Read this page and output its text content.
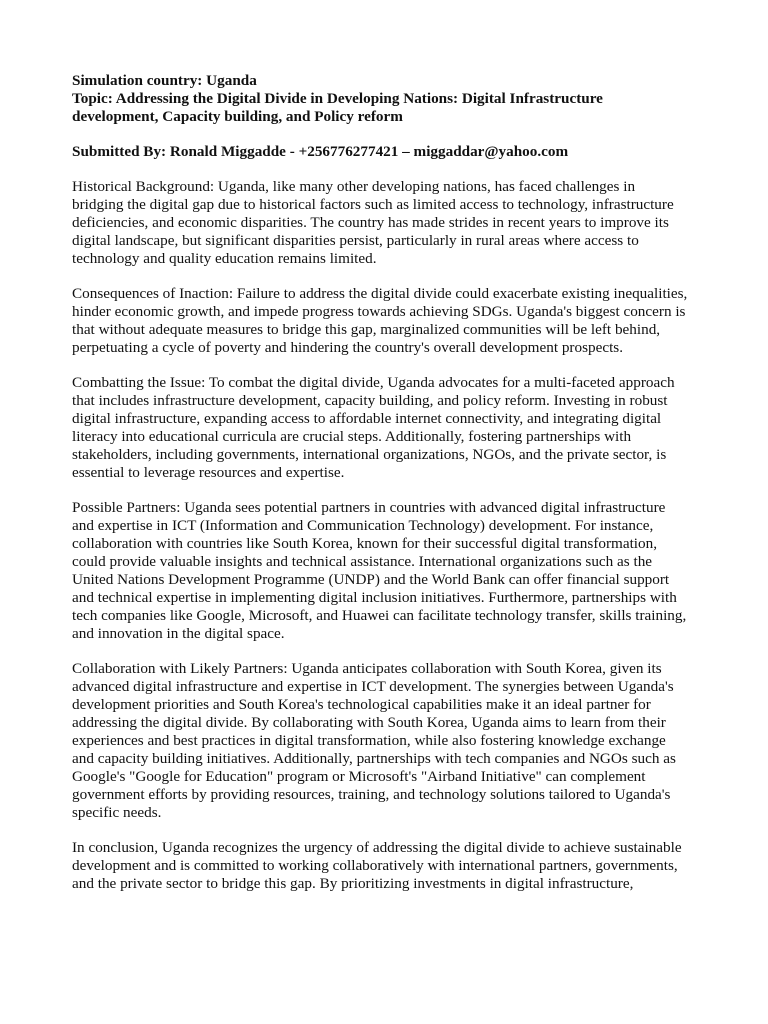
Simulation country: Uganda

Topic: Addressing the Digital Divide in Developing Nations: Digital Infrastructure development, Capacity building, and Policy reform

Submitted By: Ronald Miggadde - +256776277421 – miggaddar@yahoo.com

Historical Background: Uganda, like many other developing nations, has faced challenges in bridging the digital gap due to historical factors such as limited access to technology, infrastructure deficiencies, and economic disparities. The country has made strides in recent years to improve its digital landscape, but significant disparities persist, particularly in rural areas where access to technology and quality education remains limited.

Consequences of Inaction: Failure to address the digital divide could exacerbate existing inequalities, hinder economic growth, and impede progress towards achieving SDGs. Uganda's biggest concern is that without adequate measures to bridge this gap, marginalized communities will be left behind, perpetuating a cycle of poverty and hindering the country's overall development prospects.

Combatting the Issue: To combat the digital divide, Uganda advocates for a multi-faceted approach that includes infrastructure development, capacity building, and policy reform. Investing in robust digital infrastructure, expanding access to affordable internet connectivity, and integrating digital literacy into educational curricula are crucial steps. Additionally, fostering partnerships with stakeholders, including governments, international organizations, NGOs, and the private sector, is essential to leverage resources and expertise.

Possible Partners: Uganda sees potential partners in countries with advanced digital infrastructure and expertise in ICT (Information and Communication Technology) development. For instance, collaboration with countries like South Korea, known for their successful digital transformation, could provide valuable insights and technical assistance. International organizations such as the United Nations Development Programme (UNDP) and the World Bank can offer financial support and technical expertise in implementing digital inclusion initiatives. Furthermore, partnerships with tech companies like Google, Microsoft, and Huawei can facilitate technology transfer, skills training, and innovation in the digital space.

Collaboration with Likely Partners: Uganda anticipates collaboration with South Korea, given its advanced digital infrastructure and expertise in ICT development. The synergies between Uganda's development priorities and South Korea's technological capabilities make it an ideal partner for addressing the digital divide. By collaborating with South Korea, Uganda aims to learn from their experiences and best practices in digital transformation, while also fostering knowledge exchange and capacity building initiatives. Additionally, partnerships with tech companies and NGOs such as Google's "Google for Education" program or Microsoft's "Airband Initiative" can complement government efforts by providing resources, training, and technology solutions tailored to Uganda's specific needs.

In conclusion, Uganda recognizes the urgency of addressing the digital divide to achieve sustainable development and is committed to working collaboratively with international partners, governments, and the private sector to bridge this gap. By prioritizing investments in digital infrastructure,
